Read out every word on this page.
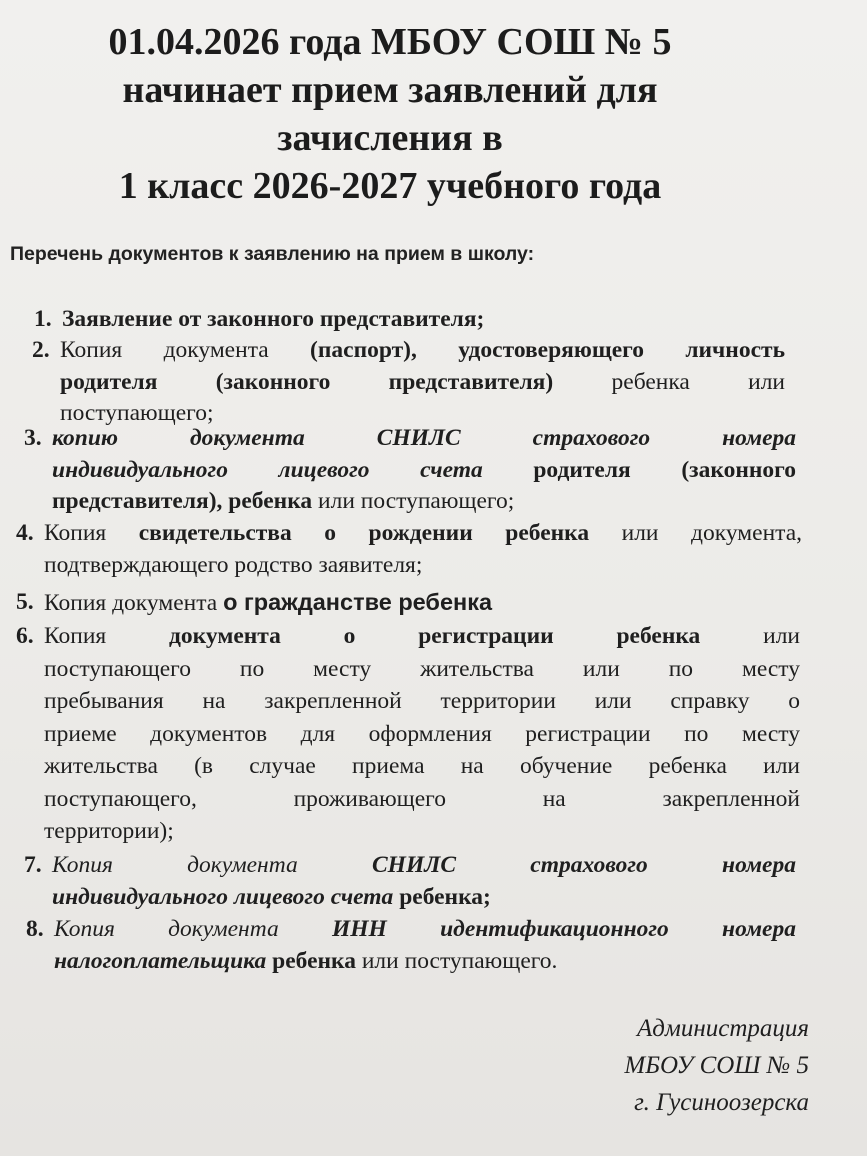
01.04.2026 года МБОУ СОШ № 5
начинает прием заявлений для
зачисления в
1 класс 2026-2027 учебного года
Перечень документов к заявлению на прием в школу:
1. Заявление от законного представителя;
2. Копия документа (паспорт), удостоверяющего личность
родителя (законного представителя) ребенка или
поступающего;
3. копию документа СНИЛС страхового номера
индивидуального лицевого счета родителя (законного
представителя), ребенка или поступающего;
4. Копия свидетельства о рождении ребенка или документа,
подтверждающего родство заявителя;
5. Копия документа о гражданстве ребенка
6. Копия документа о регистрации ребенка или
поступающего по месту жительства или по месту
пребывания на закрепленной территории или справку о
приеме документов для оформления регистрации по месту
жительства (в случае приема на обучение ребенка или
поступающего, проживающего на закрепленной
территории);
7. Копия документа СНИЛС страхового номера
индивидуального лицевого счета ребенка;
8. Копия документа ИНН идентификационного номера
налогоплательщика ребенка или поступающего.
Администрация
МБОУ СОШ № 5
г. Гусиноозерска
